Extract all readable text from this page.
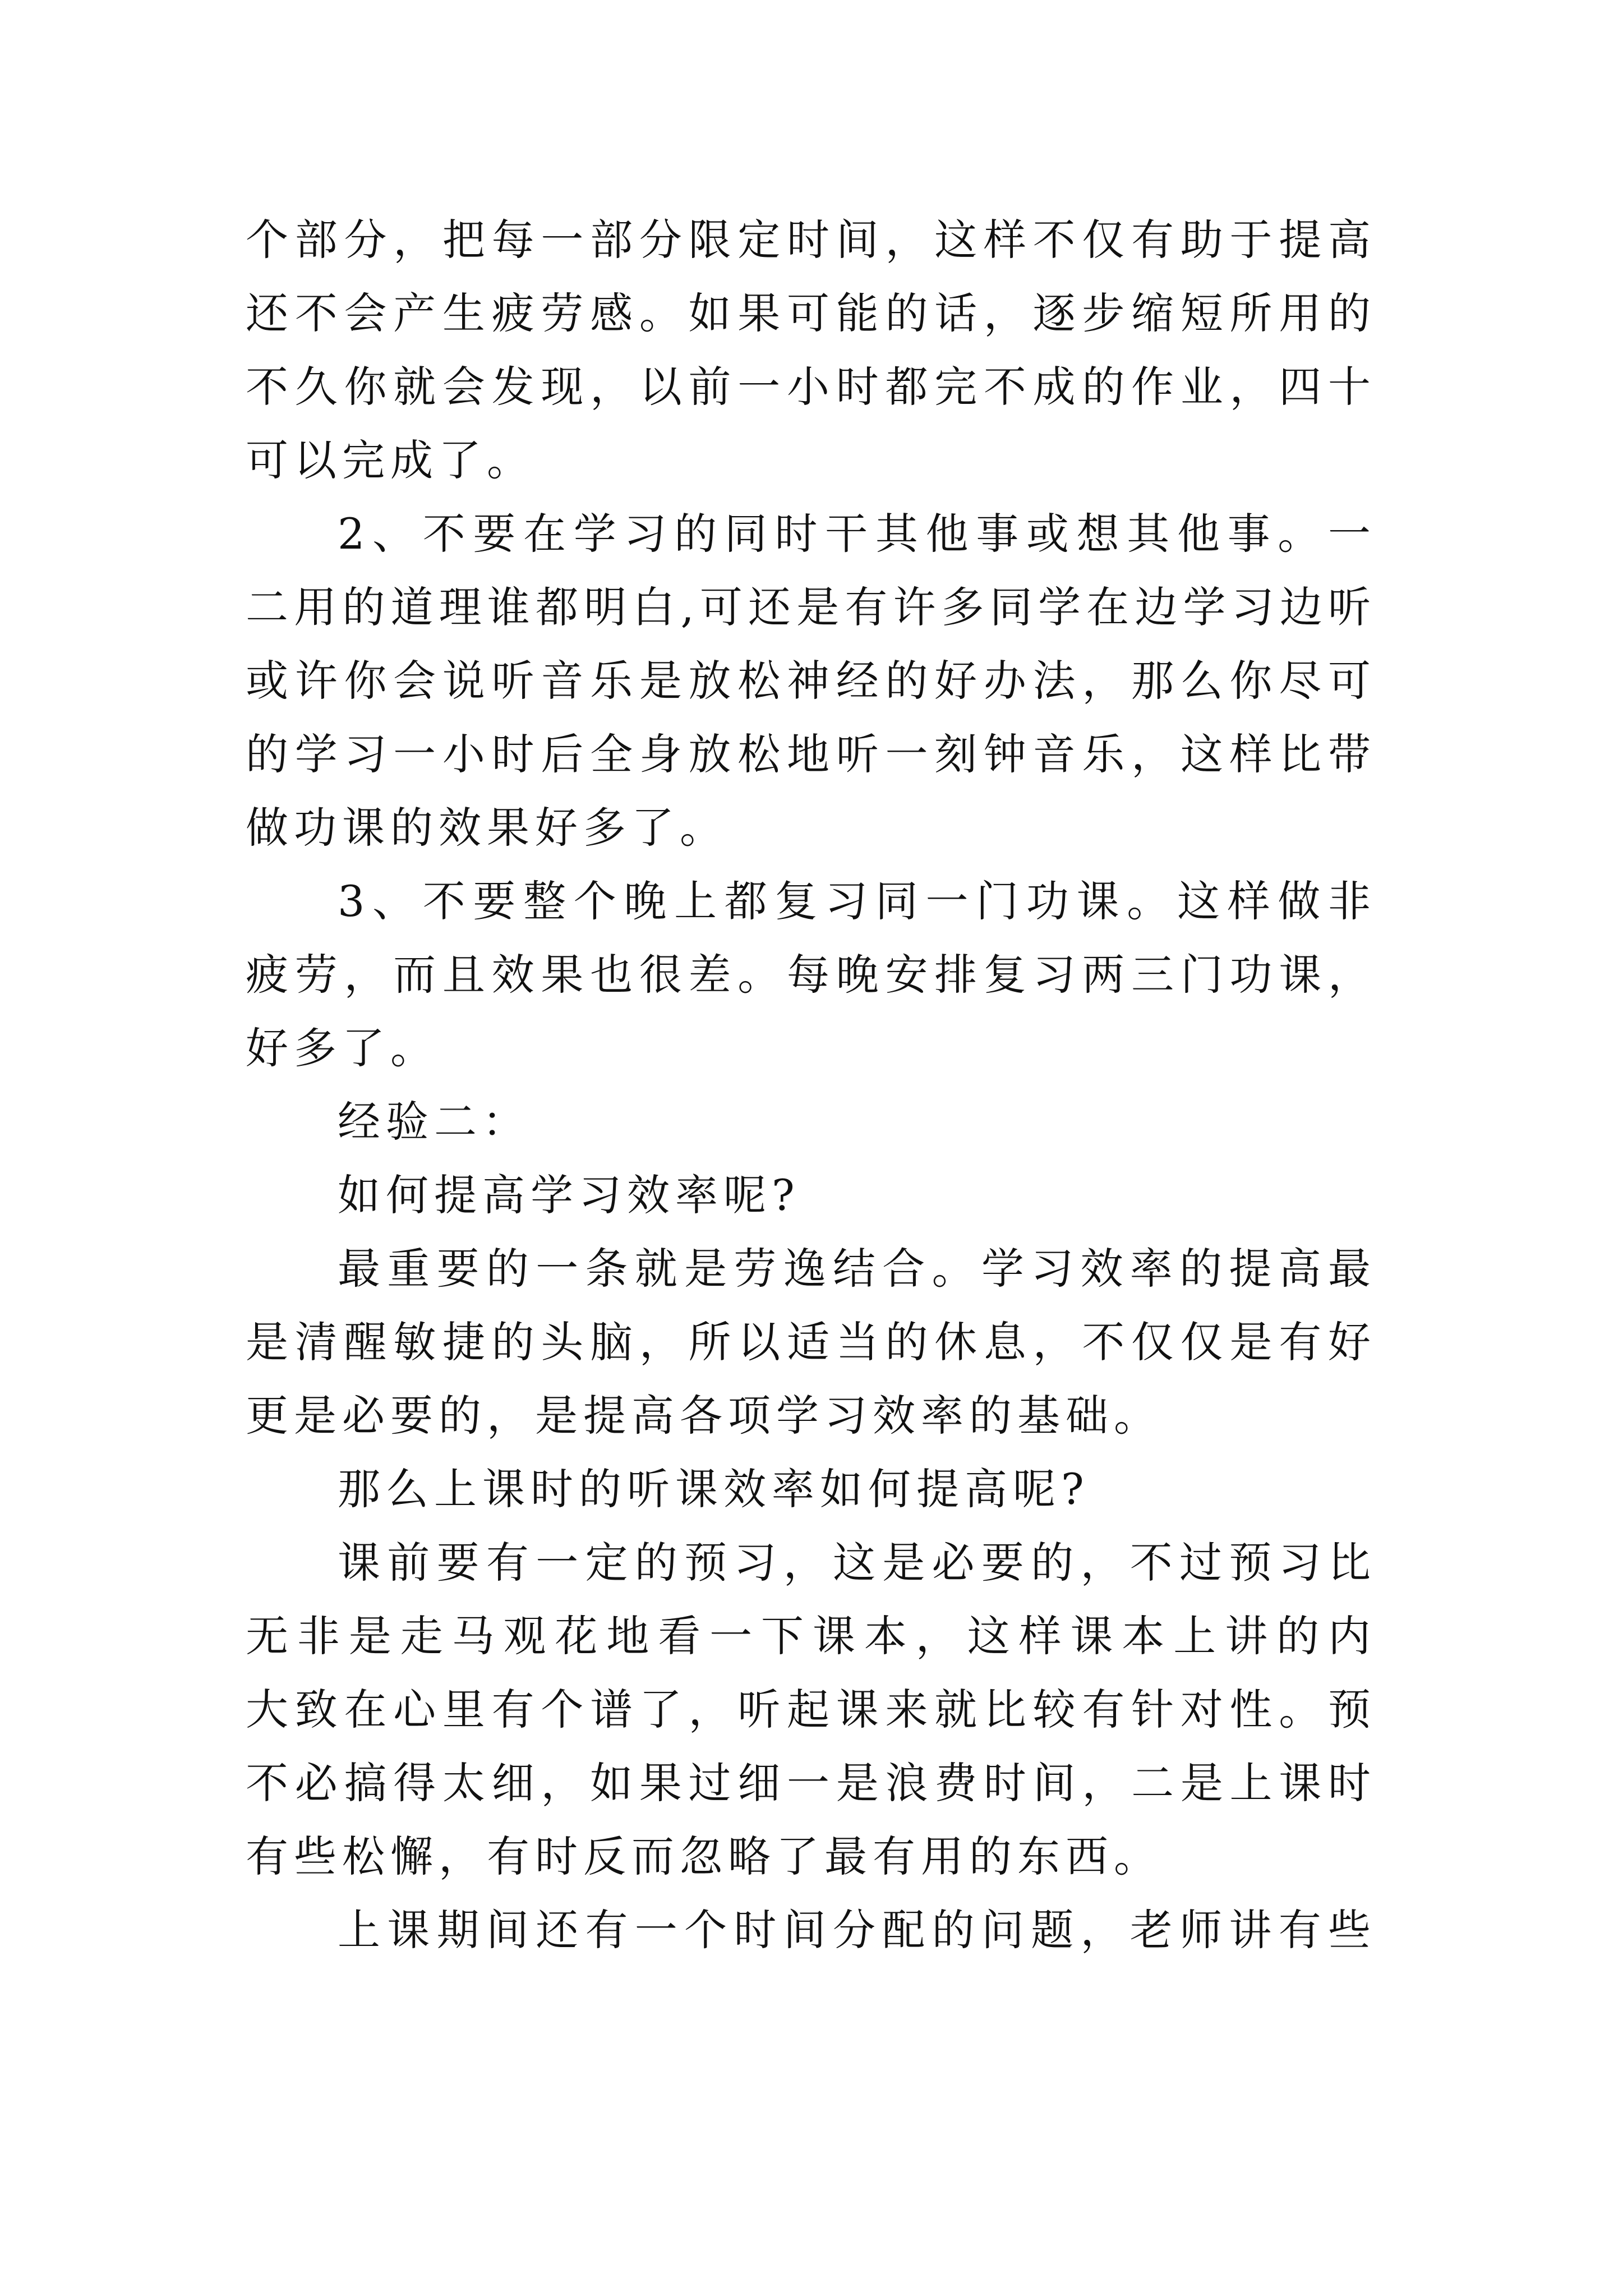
个部分，把每一部分限定时间，这样不仅有助于提高
还不会产生疲劳感。如果可能的话，逐步缩短所用的
不久你就会发现，以前一小时都完不成的作业，四十
可以完成了。
2、不要在学习的同时干其他事或想其他事。一
二用的道理谁都明白,可还是有许多同学在边学习边听
或许你会说听音乐是放松神经的好办法，那么你尽可
的学习一小时后全身放松地听一刻钟音乐，这样比带
做功课的效果好多了。
3、不要整个晚上都复习同一门功课。这样做非
疲劳，而且效果也很差。每晚安排复习两三门功课，
好多了。
经验二：
如何提高学习效率呢?
最重要的一条就是劳逸结合。学习效率的提高最
是清醒敏捷的头脑，所以适当的休息，不仅仅是有好
更是必要的，是提高各项学习效率的基础。
那么上课时的听课效率如何提高呢?
课前要有一定的预习，这是必要的，不过预习比
无非是走马观花地看一下课本，这样课本上讲的内
大致在心里有个谱了，听起课来就比较有针对性。预
不必搞得太细，如果过细一是浪费时间，二是上课时
有些松懈，有时反而忽略了最有用的东西。
上课期间还有一个时间分配的问题，老师讲有些
